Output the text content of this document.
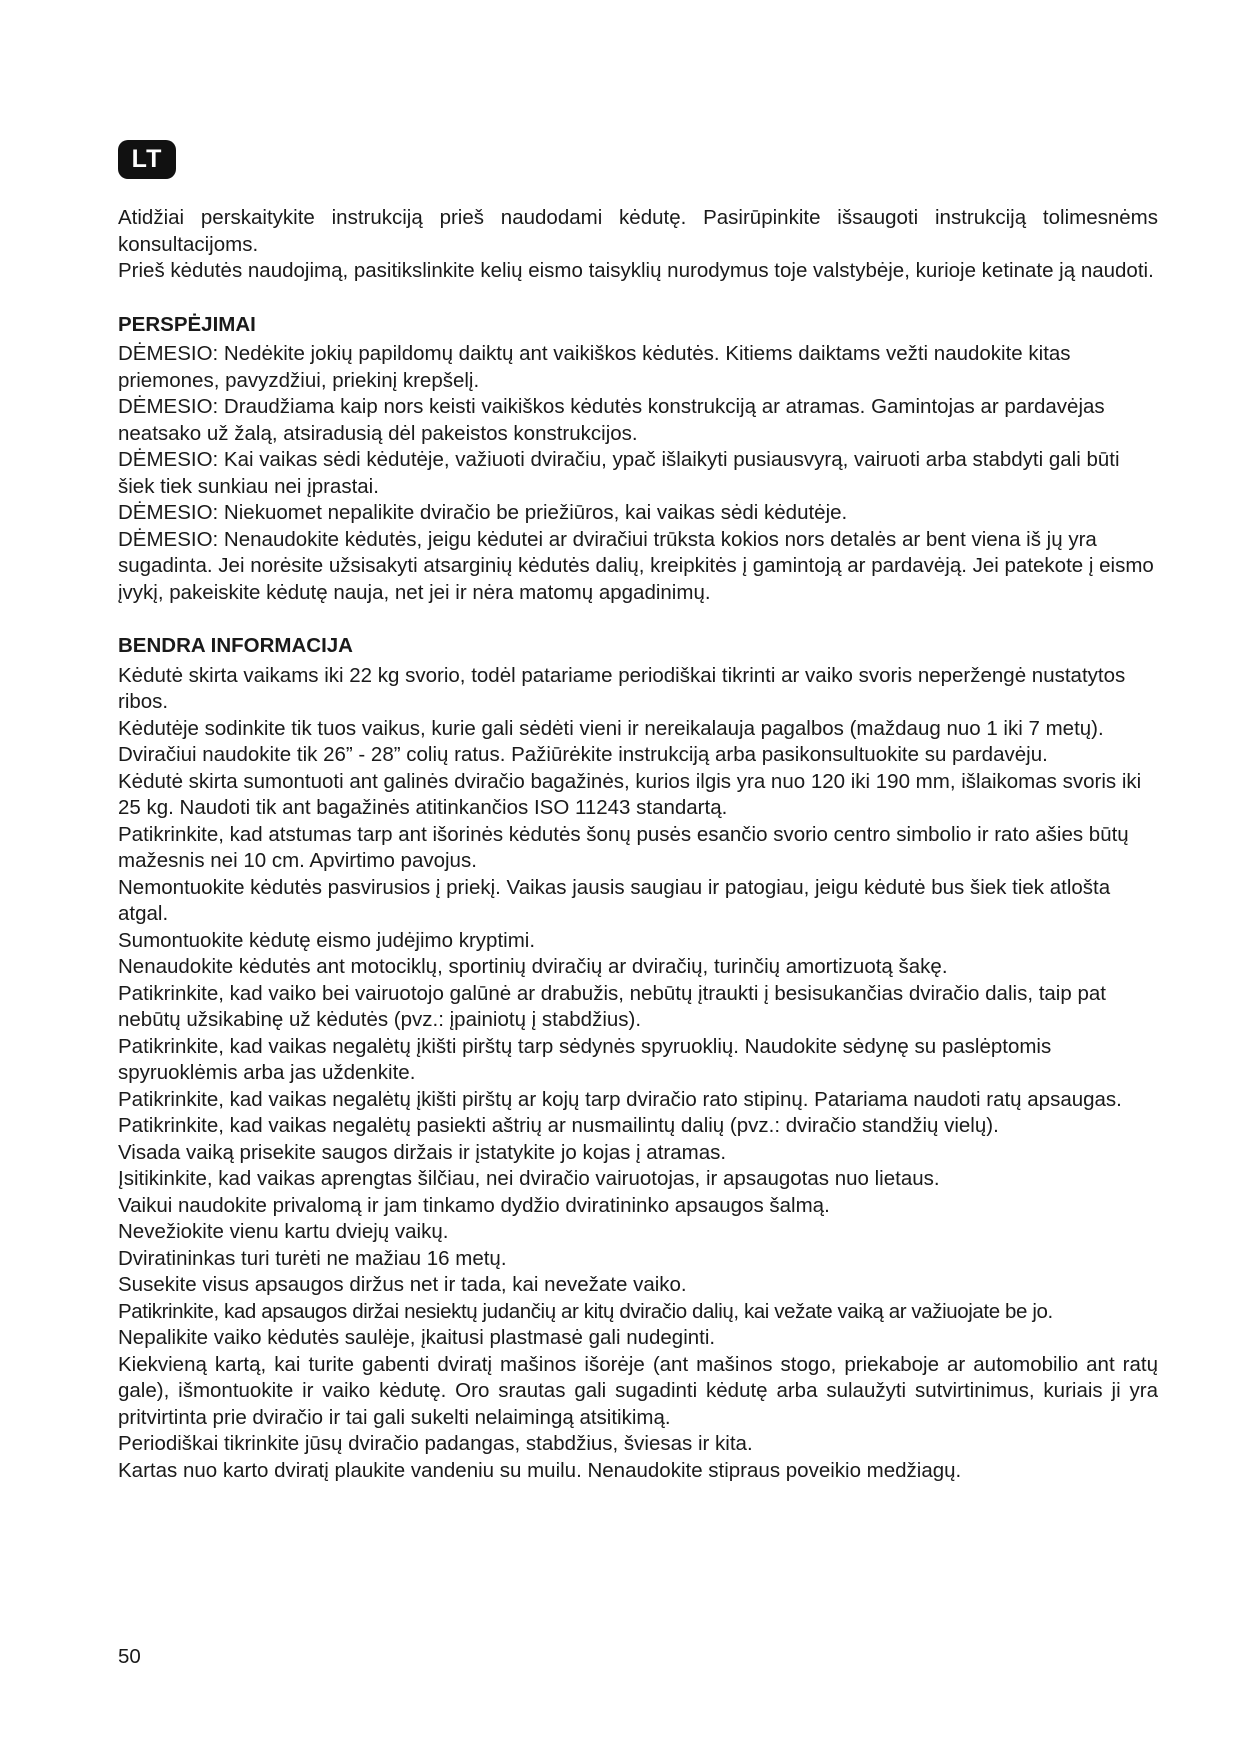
LT

Atidžiai perskaitykite instrukciją prieš naudodami kėdutę. Pasirūpinkite išsaugoti instrukciją tolimesnėms konsultacijoms.

Prieš kėdutės naudojimą, pasitikslinkite kelių eismo taisyklių nurodymus toje valstybėje, kurioje ketinate ją naudoti.

PERSPĖJIMAI

DĖMESIO: Nedėkite jokių papildomų daiktų ant vaikiškos kėdutės. Kitiems daiktams vežti naudokite kitas priemones, pavyzdžiui, priekinį krepšelį.

DĖMESIO: Draudžiama kaip nors keisti vaikiškos kėdutės konstrukciją ar atramas. Gamintojas ar pardavėjas neatsako už žalą, atsiradusią dėl pakeistos konstrukcijos.

DĖMESIO: Kai vaikas sėdi kėdutėje, važiuoti dviračiu, ypač išlaikyti pusiausvyrą, vairuoti arba stabdyti gali būti šiek tiek sunkiau nei įprastai.

DĖMESIO: Niekuomet nepalikite dviračio be priežiūros, kai vaikas sėdi kėdutėje.

DĖMESIO: Nenaudokite kėdutės, jeigu kėdutei ar dviračiui trūksta kokios nors detalės ar bent viena iš jų yra sugadinta. Jei norėsite užsisakyti atsarginių kėdutės dalių, kreipkitės į gamintoją ar pardavėją. Jei patekote į eismo įvykį, pakeiskite kėdutę nauja, net jei ir nėra matomų apgadinimų.

BENDRA INFORMACIJA

Kėdutė skirta vaikams iki 22 kg svorio, todėl patariame periodiškai tikrinti ar vaiko svoris neperžengė nustatytos ribos.

Kėdutėje sodinkite tik tuos vaikus, kurie gali sėdėti vieni ir nereikalauja pagalbos (maždaug nuo 1 iki 7 metų).

Dviračiui naudokite tik 26” - 28” colių ratus. Pažiūrėkite instrukciją arba pasikonsultuokite su pardavėju.

Kėdutė skirta sumontuoti ant galinės dviračio bagažinės, kurios ilgis yra nuo 120 iki 190 mm, išlaikomas svoris iki 25 kg. Naudoti tik ant bagažinės atitinkančios ISO 11243 standartą.

Patikrinkite, kad atstumas tarp ant išorinės kėdutės šonų pusės esančio svorio centro simbolio ir rato ašies būtų mažesnis nei 10 cm. Apvirtimo pavojus.

Nemontuokite kėdutės pasvirusios į priekį. Vaikas jausis saugiau ir patogiau, jeigu kėdutė bus šiek tiek atlošta atgal.

Sumontuokite kėdutę eismo judėjimo kryptimi.

Nenaudokite kėdutės ant motociklų, sportinių dviračių ar dviračių, turinčių amortizuotą šakę.

Patikrinkite, kad vaiko bei vairuotojo galūnė ar drabužis, nebūtų įtraukti į besisukančias dviračio dalis, taip pat nebūtų užsikabinę už kėdutės (pvz.: įpainiotų į stabdžius).

Patikrinkite, kad vaikas negalėtų įkišti pirštų tarp sėdynės spyruoklių. Naudokite sėdynę su paslėptomis spyruoklėmis arba jas uždenkite.

Patikrinkite, kad vaikas negalėtų įkišti pirštų ar kojų tarp dviračio rato stipinų. Patariama naudoti ratų apsaugas.

Patikrinkite, kad vaikas negalėtų pasiekti aštrių ar nusmailintų dalių (pvz.: dviračio standžių vielų).

Visada vaiką prisekite saugos diržais ir įstatykite jo kojas į atramas.

Įsitikinkite, kad vaikas aprengtas šilčiau, nei dviračio vairuotojas, ir apsaugotas nuo lietaus.

Vaikui naudokite privalomą ir jam tinkamo dydžio dviratininko apsaugos šalmą.

Nevežiokite vienu kartu dviejų vaikų.

Dviratininkas turi turėti ne mažiau 16 metų.

Susekite visus apsaugos diržus net ir tada, kai nevežate vaiko.

Patikrinkite, kad apsaugos diržai nesiektų judančių ar kitų dviračio dalių, kai vežate vaiką ar važiuojate be jo.

Nepalikite vaiko kėdutės saulėje, įkaitusi plastmasė gali nudeginti.

Kiekvieną kartą, kai turite gabenti dviratį mašinos išorėje (ant mašinos stogo, priekaboje ar automobilio ant ratų gale), išmontuokite ir vaiko kėdutę. Oro srautas gali sugadinti kėdutę arba sulaužyti sutvirtinimus, kuriais ji yra pritvirtinta prie dviračio ir tai gali sukelti nelaimingą atsitikimą.

Periodiškai tikrinkite jūsų dviračio padangas, stabdžius, šviesas ir kita.

Kartas nuo karto dviratį plaukite vandeniu su muilu. Nenaudokite stipraus poveikio medžiagų.

50
